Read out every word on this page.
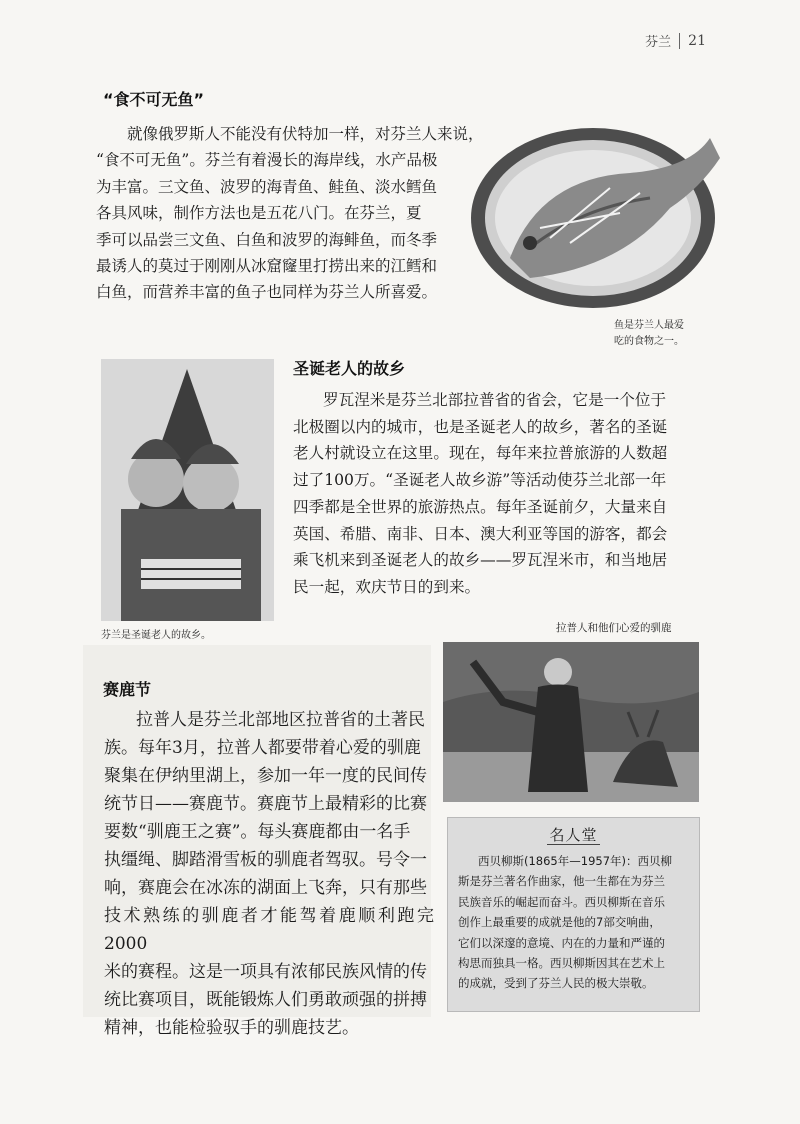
芬兰 21
“食不可无鱼”
就像俄罗斯人不能没有伏特加一样，对芬兰人来说，
“食不可无鱼”。芬兰有着漫长的海岸线，水产品极
为丰富。三文鱼、波罗的海青鱼、鲑鱼、淡水鳕鱼
各具风味，制作方法也是五花八门。在芬兰，夏
季可以品尝三文鱼、白鱼和波罗的海鲱鱼，而冬季
最诱人的莫过于刚刚从冰窟窿里打捞出来的江鳕和
白鱼，而营养丰富的鱼子也同样为芬兰人所喜爱。
鱼是芬兰人最爱
吃的食物之一。
芬兰是圣诞老人的故乡。
圣诞老人的故乡
罗瓦涅米是芬兰北部拉普省的省会，它是一个位于
北极圈以内的城市，也是圣诞老人的故乡，著名的圣诞
老人村就设立在这里。现在，每年来拉普旅游的人数超
过了100万。“圣诞老人故乡游”等活动使芬兰北部一年
四季都是全世界的旅游热点。每年圣诞前夕，大量来自
英国、希腊、南非、日本、澳大利亚等国的游客，都会
乘飞机来到圣诞老人的故乡——罗瓦涅米市，和当地居
民一起，欢庆节日的到来。
拉普人和他们心爱的驯鹿
赛鹿节
拉普人是芬兰北部地区拉普省的土著民
族。每年3月，拉普人都要带着心爱的驯鹿
聚集在伊纳里湖上，参加一年一度的民间传
统节日——赛鹿节。赛鹿节上最精彩的比赛
要数“驯鹿王之赛”。每头赛鹿都由一名手
执缰绳、脚踏滑雪板的驯鹿者驾驭。号令一
响，赛鹿会在冰冻的湖面上飞奔，只有那些
技术熟练的驯鹿者才能驾着鹿顺利跑完2000
米的赛程。这是一项具有浓郁民族风情的传
统比赛项目，既能锻炼人们勇敢顽强的拼搏
精神，也能检验驭手的驯鹿技艺。
名人堂
西贝柳斯(1865年—1957年)：西贝柳
斯是芬兰著名作曲家，他一生都在为芬兰
民族音乐的崛起而奋斗。西贝柳斯在音乐
创作上最重要的成就是他的7部交响曲，
它们以深邃的意境、内在的力量和严谨的
构思而独具一格。西贝柳斯因其在艺术上
的成就，受到了芬兰人民的极大崇敬。
